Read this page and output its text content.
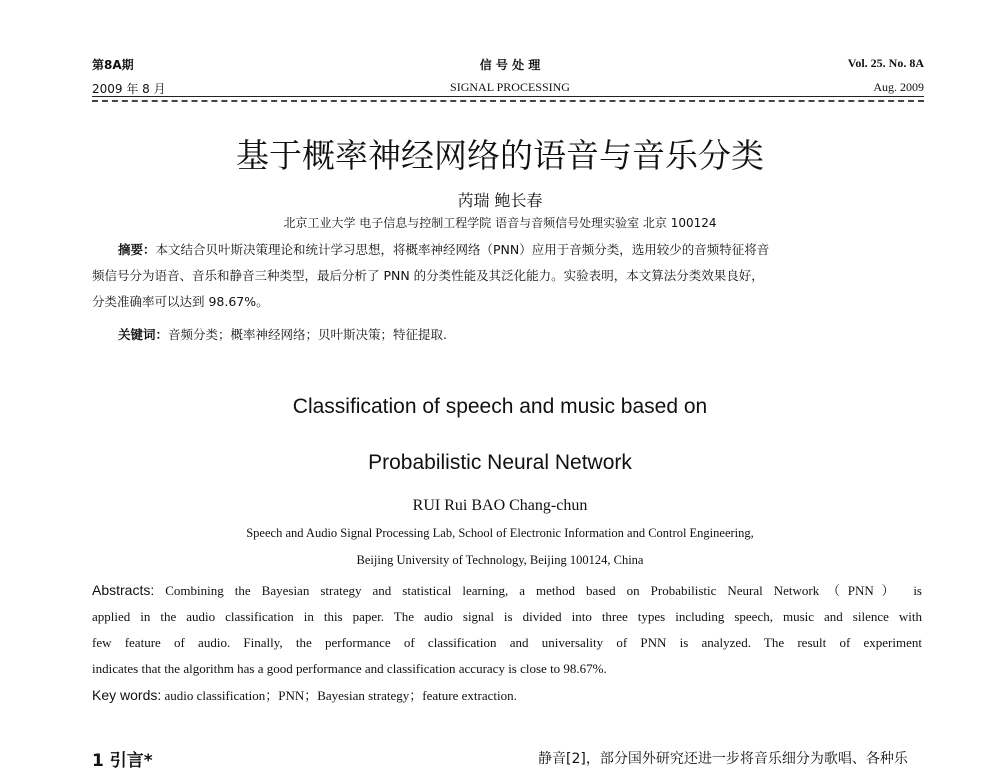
第8A期
2009 年 8 月
信 号 处 理
SIGNAL PROCESSING
Vol. 25. No. 8A
Aug. 2009
基于概率神经网络的语音与音乐分类
芮瑞 鲍长春
北京工业大学 电子信息与控制工程学院 语音与音频信号处理实验室 北京 100124
摘要：本文结合贝叶斯决策理论和统计学习思想，将概率神经网络（PNN）应用于音频分类，选用较少的音频特征将音
频信号分为语音、音乐和静音三种类型，最后分析了 PNN 的分类性能及其泛化能力。实验表明，本文算法分类效果良好，
分类准确率可以达到 98.67%。
关键词：音频分类；概率神经网络；贝叶斯决策；特征提取.
Classification of speech and music based on
Probabilistic Neural Network
RUI Rui BAO Chang-chun
Speech and Audio Signal Processing Lab, School of Electronic Information and Control Engineering,
Beijing University of Technology, Beijing 100124, China
Abstracts: Combining the Bayesian strategy and statistical learning, a method based on Probabilistic Neural Network（PNN） is
applied in the audio classification in this paper. The audio signal is divided into three types including speech, music and silence with
few feature of audio. Finally, the performance of classification and universality of PNN is analyzed. The result of experiment
indicates that the algorithm has a good performance and classification accuracy is close to 98.67%.
Key words: audio classification；PNN；Bayesian strategy；feature extraction.
1 引言*	静音[2]，部分国外研究还进一步将音乐细分为歌唱、各种乐
